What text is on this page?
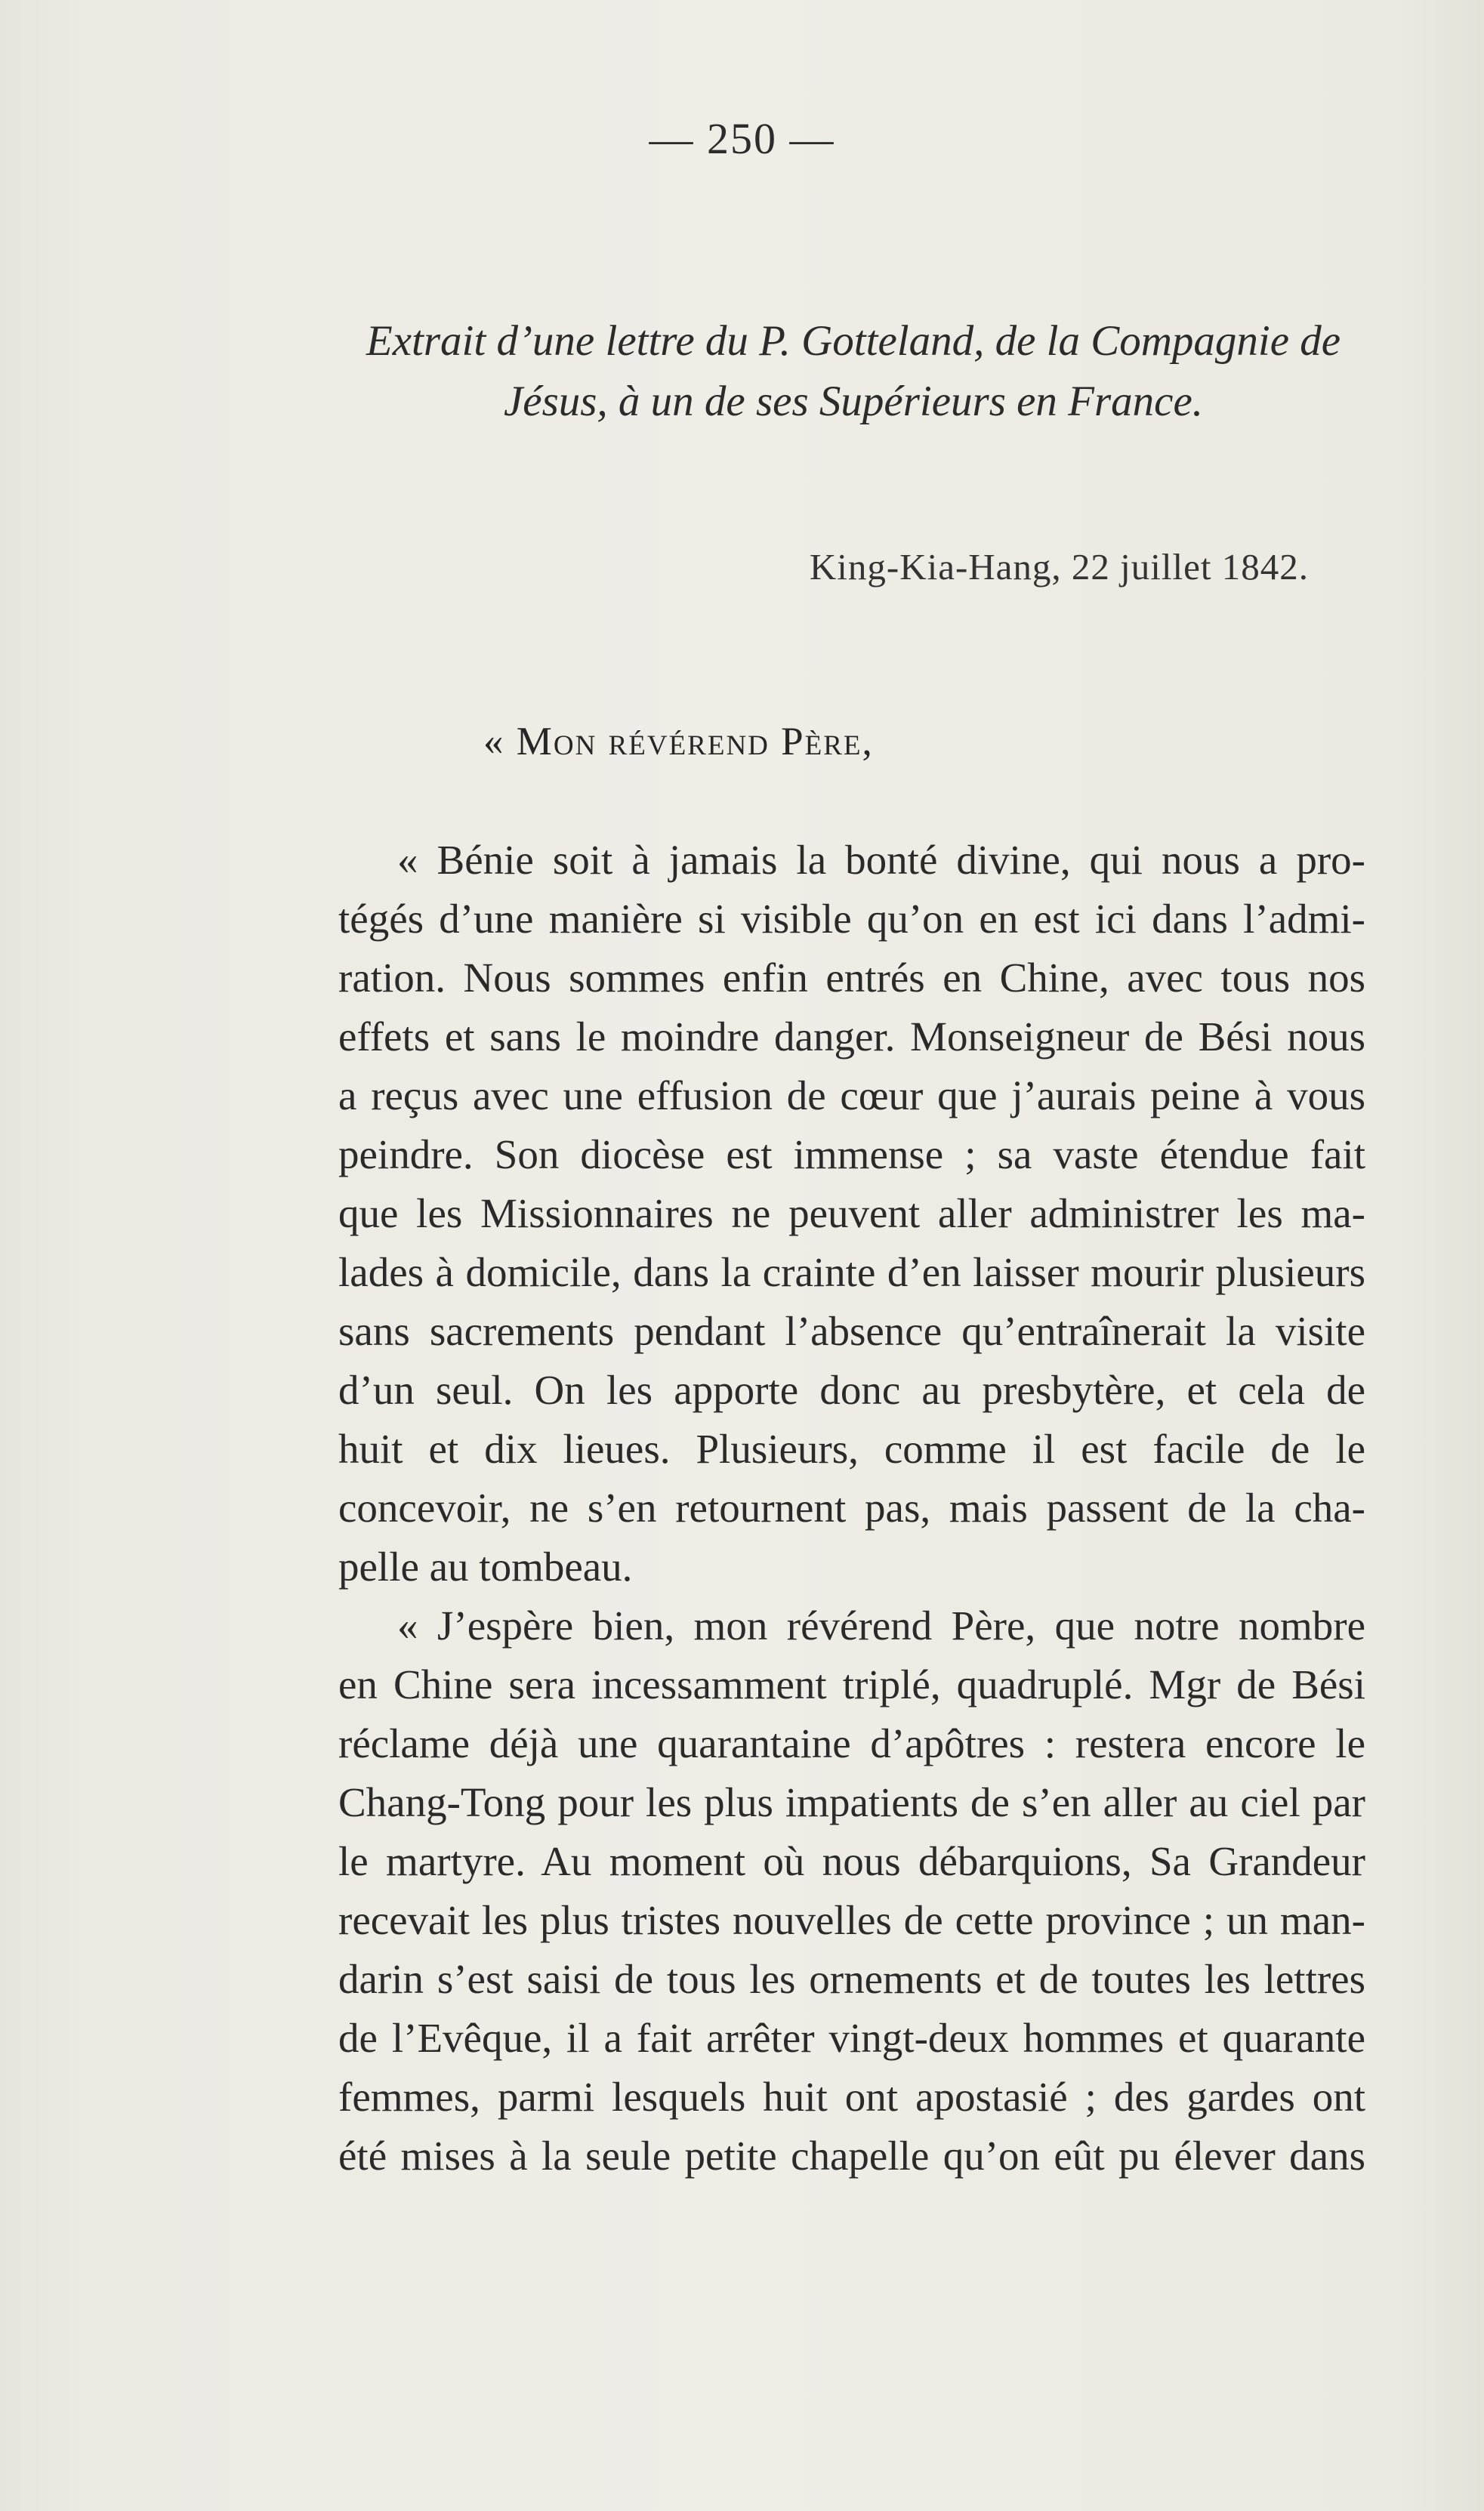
— 250 —
Extrait d’une lettre du P. Gotteland, de la Compagnie de
Jésus, à un de ses Supérieurs en France.
King-Kia-Hang, 22 juillet 1842.
« Mon révérend Père,
« Bénie soit à jamais la bonté divine, qui nous a pro-
tégés d’une manière si visible qu’on en est ici dans l’admi-
ration. Nous sommes enfin entrés en Chine, avec tous nos
effets et sans le moindre danger. Monseigneur de Bési nous
a reçus avec une effusion de cœur que j’aurais peine à vous
peindre. Son diocèse est immense ; sa vaste étendue fait
que les Missionnaires ne peuvent aller administrer les ma-
lades à domicile, dans la crainte d’en laisser mourir plusieurs
sans sacrements pendant l’absence qu’entraînerait la visite
d’un seul. On les apporte donc au presbytère, et cela de
huit et dix lieues. Plusieurs, comme il est facile de le
concevoir, ne s’en retournent pas, mais passent de la cha-
pelle au tombeau.
« J’espère bien, mon révérend Père, que notre nombre
en Chine sera incessamment triplé, quadruplé. Mgr de Bési
réclame déjà une quarantaine d’apôtres : restera encore le
Chang-Tong pour les plus impatients de s’en aller au ciel par
le martyre. Au moment où nous débarquions, Sa Grandeur
recevait les plus tristes nouvelles de cette province ; un man-
darin s’est saisi de tous les ornements et de toutes les lettres
de l’Evêque, il a fait arrêter vingt-deux hommes et quarante
femmes, parmi lesquels huit ont apostasié ; des gardes ont
été mises à la seule petite chapelle qu’on eût pu élever dans
